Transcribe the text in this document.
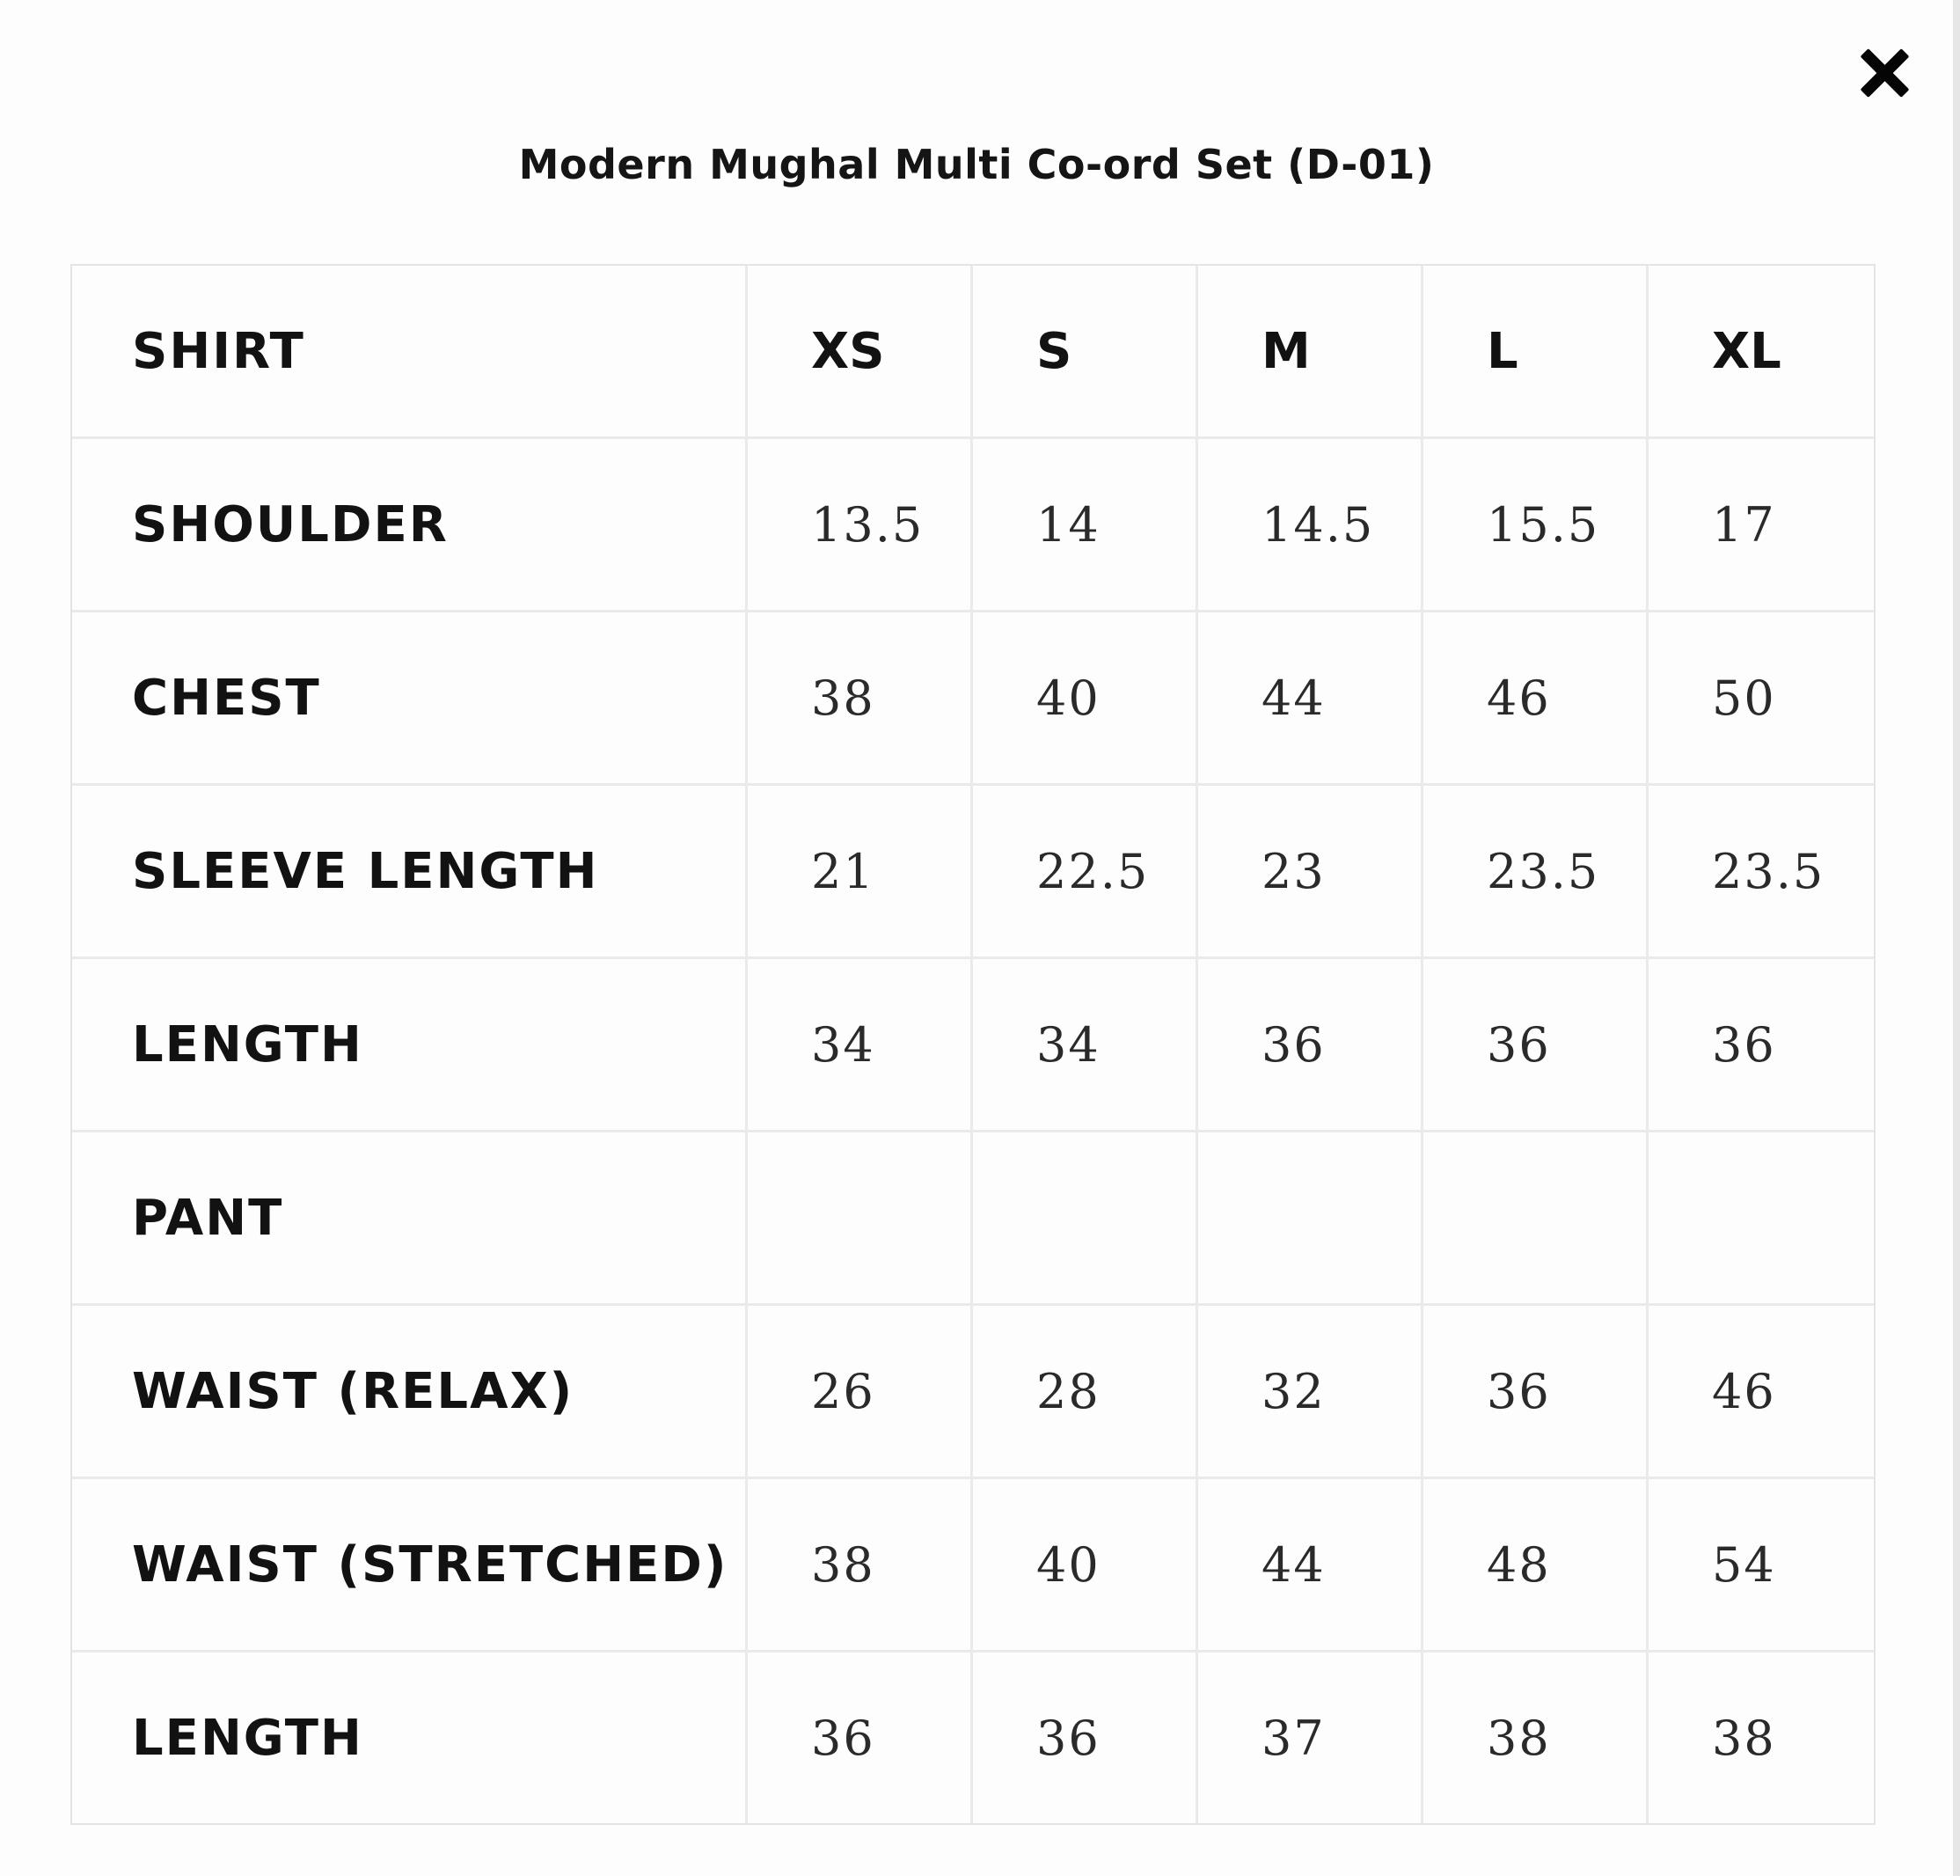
Modern Mughal Multi Co-ord Set (D-01)
SHIRT	XS	S	M	L	XL
SHOULDER	13.5	14	14.5	15.5	17
CHEST	38	40	44	46	50
SLEEVE LENGTH	21	22.5	23	23.5	23.5
LENGTH	34	34	36	36	36
PANT					
WAIST (RELAX)	26	28	32	36	46
WAIST (STRETCHED)	38	40	44	48	54
LENGTH	36	36	37	38	38
